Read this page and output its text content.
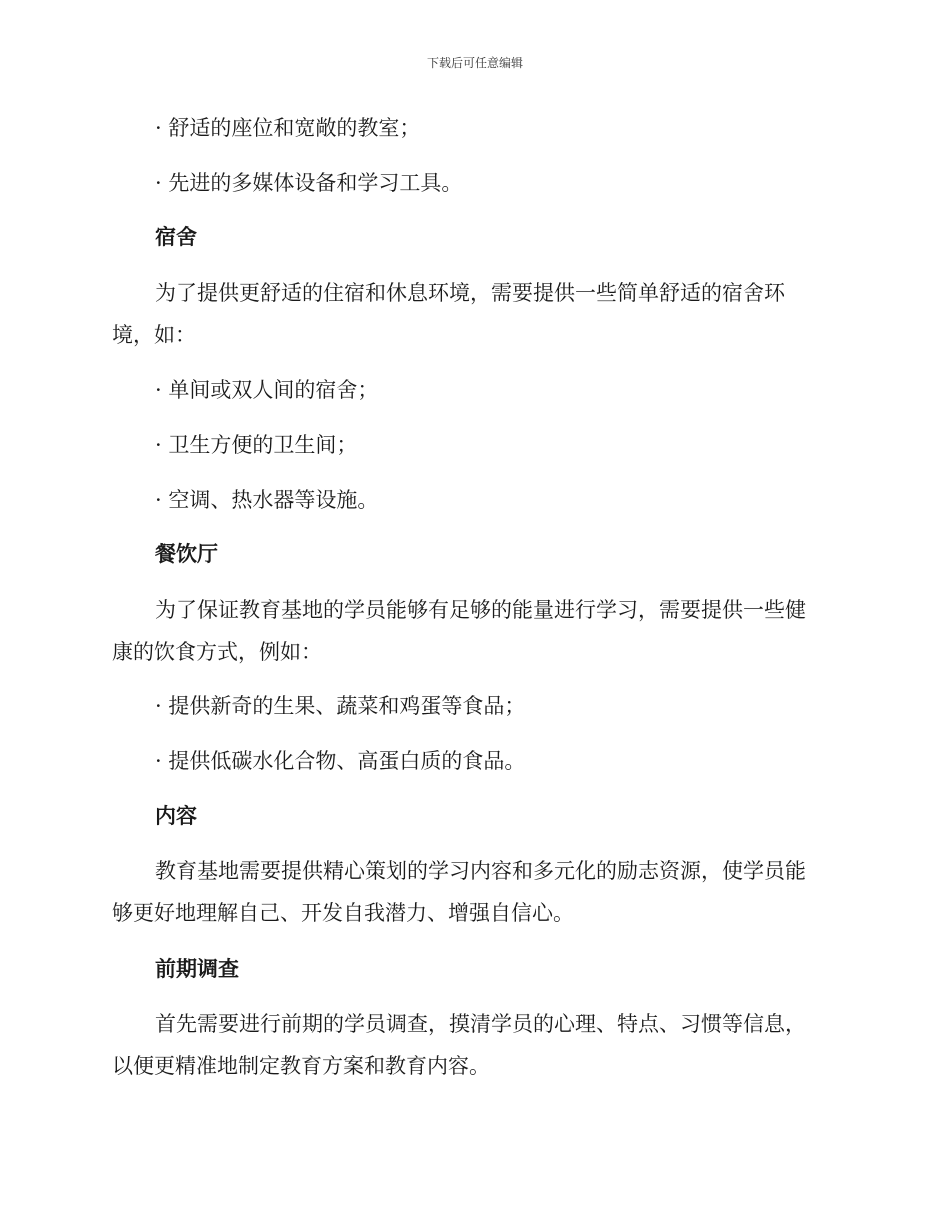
下载后可任意编辑
· 舒适的座位和宽敞的教室；
· 先进的多媒体设备和学习工具。
宿舍
为了提供更舒适的住宿和休息环境，需要提供一些简单舒适的宿舍环
境，如：
· 单间或双人间的宿舍；
· 卫生方便的卫生间；
· 空调、热水器等设施。
餐饮厅
为了保证教育基地的学员能够有足够的能量进行学习，需要提供一些健
康的饮食方式，例如：
· 提供新奇的生果、蔬菜和鸡蛋等食品；
· 提供低碳水化合物、高蛋白质的食品。
内容
教育基地需要提供精心策划的学习内容和多元化的励志资源，使学员能
够更好地理解自己、开发自我潜力、增强自信心。
前期调查
首先需要进行前期的学员调查，摸清学员的心理、特点、习惯等信息，
以便更精准地制定教育方案和教育内容。
